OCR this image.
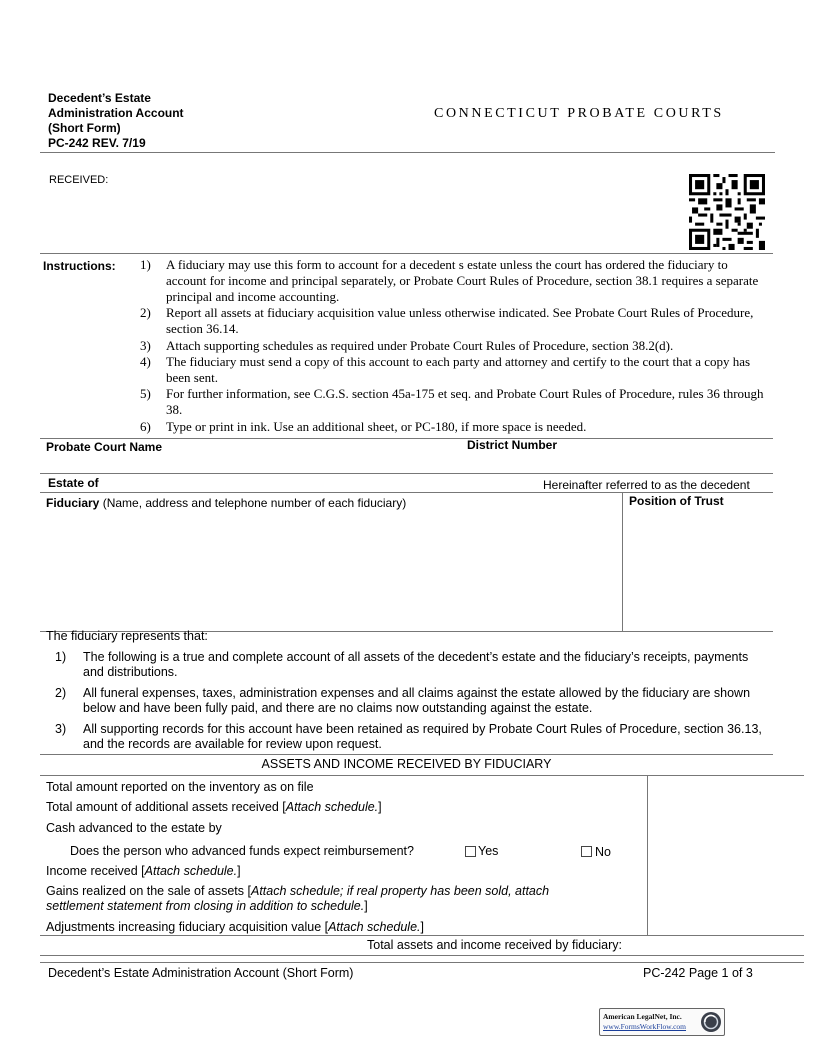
Decedent’s Estate
Administration Account
(Short Form)
PC-242 REV. 7/19
CONNECTICUT PROBATE COURTS
RECEIVED:
Instructions: 1)	A fiduciary may use this form to account for a decedent s estate unless the court has ordered the fiduciary to account for income and principal separately, or Probate Court Rules of Procedure, section 38.1 requires a separate principal and income accounting.
2)	Report all assets at fiduciary acquisition value unless otherwise indicated. See Probate Court Rules of Procedure, section 36.14.
3)	Attach supporting schedules as required under Probate Court Rules of Procedure, section 38.2(d).
4)	The fiduciary must send a copy of this account to each party and attorney and certify to the court that a copy has been sent.
5)	For further information, see C.G.S. section 45a-175 et seq. and Probate Court Rules of Procedure, rules 36 through 38.
6)	Type or print in ink. Use an additional sheet, or PC-180, if more space is needed.
Probate Court Name	District Number
Estate of	Hereinafter referred to as the decedent
Fiduciary (Name, address and telephone number of each fiduciary)	Position of Trust
The fiduciary represents that:
1) The following is a true and complete account of all assets of the decedent’s estate and the fiduciary’s receipts, payments and distributions.
2) All funeral expenses, taxes, administration expenses and all claims against the estate allowed by the fiduciary are shown below and have been fully paid, and there are no claims now outstanding against the estate.
3) All supporting records for this account have been retained as required by Probate Court Rules of Procedure, section 36.13, and the records are available for review upon request.
ASSETS AND INCOME RECEIVED BY FIDUCIARY
Total amount reported on the inventory as on file
Total amount of additional assets received [Attach schedule.]
Cash advanced to the estate by
Does the person who advanced funds expect reimbursement?	Yes	No
Income received [Attach schedule.]
Gains realized on the sale of assets [Attach schedule; if real property has been sold, attach
settlement statement from closing in addition to schedule.]
Adjustments increasing fiduciary acquisition value [Attach schedule.]
Total assets and income received by fiduciary:
Decedent’s Estate Administration Account (Short Form)	PC-242 Page 1 of 3
American LegalNet, Inc.
www.FormsWorkFlow.com
